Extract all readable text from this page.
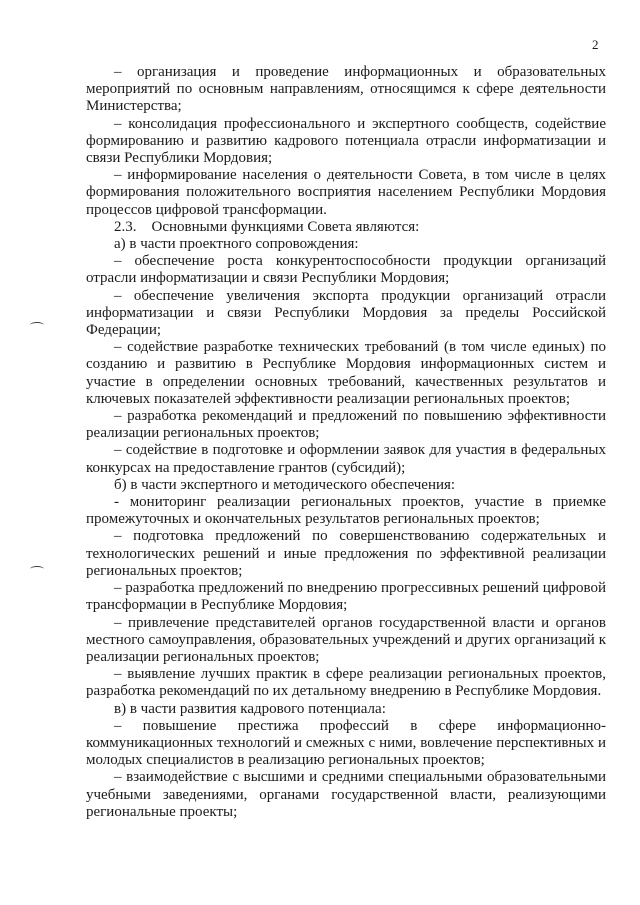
2

– организация и проведение информационных и образовательных мероприятий по основным направлениям, относящимся к сфере деятельности Министерства;

– консолидация профессионального и экспертного сообществ, содействие формированию и развитию кадрового потенциала отрасли информатизации и связи Республики Мордовия;

– информирование населения о деятельности Совета, в том числе в целях формирования положительного восприятия населением Республики Мордовия процессов цифровой трансформации.

2.3.    Основными функциями Совета являются:

а) в части проектного сопровождения:

– обеспечение роста конкурентоспособности продукции организаций отрасли информатизации и связи Республики Мордовия;

– обеспечение увеличения экспорта продукции организаций отрасли информатизации и связи Республики Мордовия за пределы Российской Федерации;

– содействие разработке технических требований (в том числе единых) по созданию и развитию в Республике Мордовия информационных систем и участие в определении основных требований, качественных результатов и ключевых показателей эффективности реализации региональных проектов;

– разработка рекомендаций и предложений по повышению эффективности реализации региональных проектов;

– содействие в подготовке и оформлении заявок для участия в федеральных конкурсах на предоставление грантов (субсидий);

б) в части экспертного и методического обеспечения:

- мониторинг реализации региональных проектов, участие в приемке промежуточных и окончательных результатов региональных проектов;

– подготовка предложений по совершенствованию содержательных и технологических решений и иные предложения по эффективной реализации региональных проектов;

– разработка предложений по внедрению прогрессивных решений цифровой трансформации в Республике Мордовия;

– привлечение представителей органов государственной власти и органов местного самоуправления, образовательных учреждений и других организаций к реализации региональных проектов;

– выявление лучших практик в сфере реализации региональных проектов, разработка рекомендаций по их детальному внедрению в Республике Мордовия.

в) в части развития кадрового потенциала:

– повышение престижа профессий в сфере информационно-коммуникационных технологий и смежных с ними, вовлечение перспективных и молодых специалистов в реализацию региональных проектов;

– взаимодействие с высшими и средними специальными образовательными учебными заведениями, органами государственной власти, реализующими региональные проекты;
